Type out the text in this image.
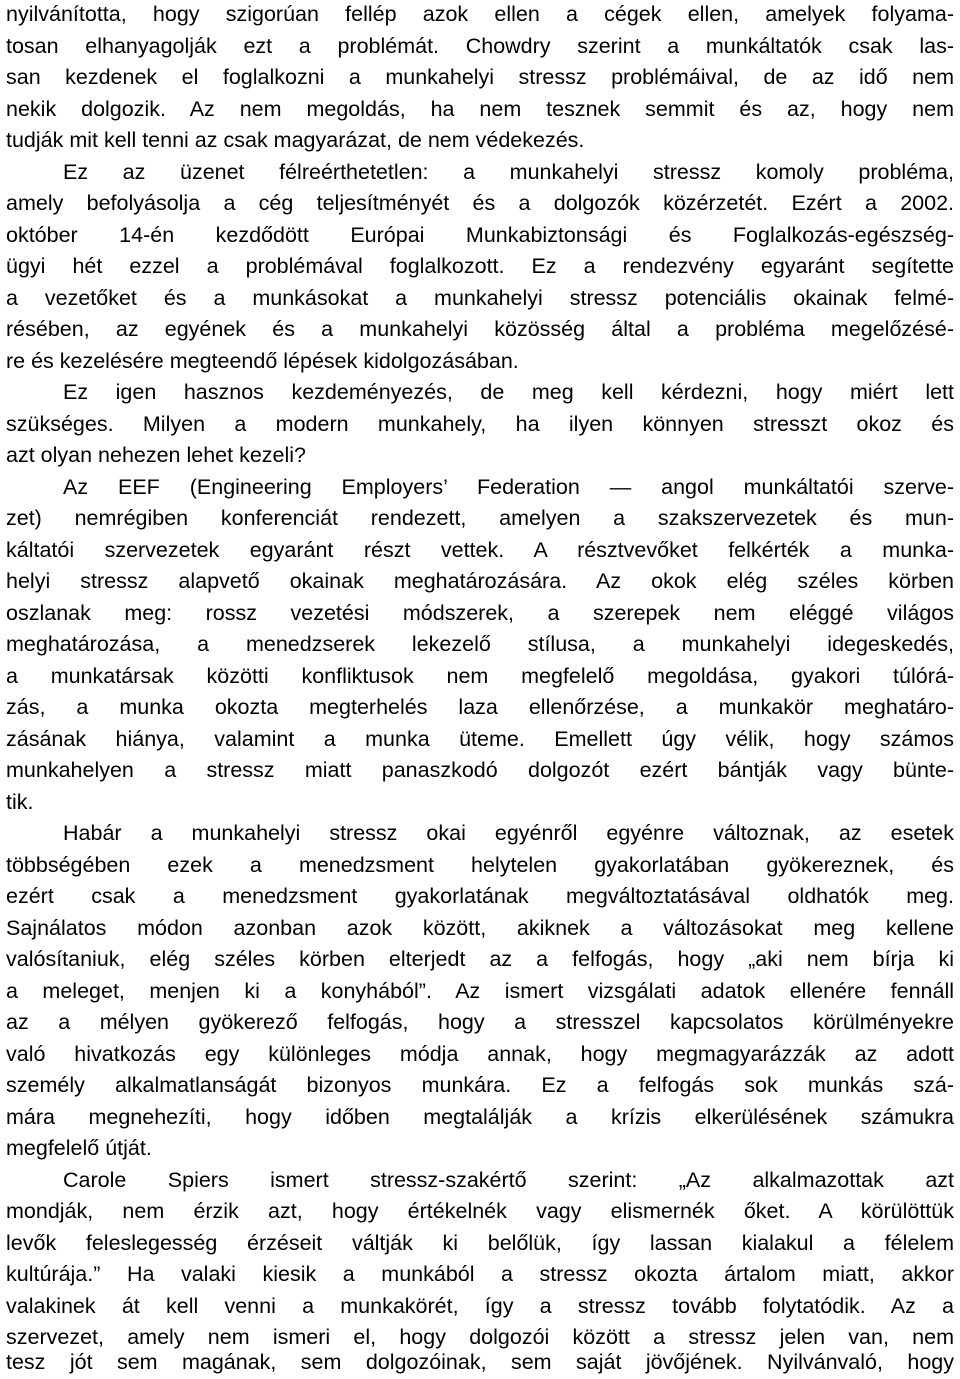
nyilvánította, hogy szigorúan fellép azok ellen a cégek ellen, amelyek folyama-
tosan elhanyagolják ezt a problémát. Chowdry szerint a munkáltatók csak las-
san kezdenek el foglalkozni a munkahelyi stressz problémáival, de az idő nem
nekik dolgozik. Az nem megoldás, ha nem tesznek semmit és az, hogy nem
tudják mit kell tenni az csak magyarázat, de nem védekezés.
Ez az üzenet félreérthetetlen: a munkahelyi stressz komoly probléma,
amely befolyásolja a cég teljesítményét és a dolgozók közérzetét. Ezért a 2002.
október 14-én kezdődött Európai Munkabiztonsági és Foglalkozás-egészség-
ügyi hét ezzel a problémával foglalkozott. Ez a rendezvény egyaránt segítette
a vezetőket és a munkásokat a munkahelyi stressz potenciális okainak felmé-
résében, az egyének és a munkahelyi közösség által a probléma megelőzésé-
re és kezelésére megteendő lépések kidolgozásában.
Ez igen hasznos kezdeményezés, de meg kell kérdezni, hogy miért lett
szükséges. Milyen a modern munkahely, ha ilyen könnyen stresszt okoz és
azt olyan nehezen lehet kezeli?
Az EEF (Engineering Employers’ Federation — angol munkáltatói szerve-
zet) nemrégiben konferenciát rendezett, amelyen a szakszervezetek és mun-
káltatói szervezetek egyaránt részt vettek. A résztvevőket felkérték a munka-
helyi stressz alapvető okainak meghatározására. Az okok elég széles körben
oszlanak meg: rossz vezetési módszerek, a szerepek nem eléggé világos
meghatározása, a menedzserek lekezelő stílusa, a munkahelyi idegeskedés,
a munkatársak közötti konfliktusok nem megfelelő megoldása, gyakori túlórá-
zás, a munka okozta megterhelés laza ellenőrzése, a munkakör meghatáro-
zásának hiánya, valamint a munka üteme. Emellett úgy vélik, hogy számos
munkahelyen a stressz miatt panaszkodó dolgozót ezért bántják vagy bünte-
tik.
Habár a munkahelyi stressz okai egyénről egyénre változnak, az esetek
többségében ezek a menedzsment helytelen gyakorlatában gyökereznek, és
ezért csak a menedzsment gyakorlatának megváltoztatásával oldhatók meg.
Sajnálatos módon azonban azok között, akiknek a változásokat meg kellene
valósítaniuk, elég széles körben elterjedt az a felfogás, hogy „aki nem bírja ki
a meleget, menjen ki a konyhából”. Az ismert vizsgálati adatok ellenére fennáll
az a mélyen gyökerező felfogás, hogy a stresszel kapcsolatos körülményekre
való hivatkozás egy különleges módja annak, hogy megmagyarázzák az adott
személy alkalmatlanságát bizonyos munkára. Ez a felfogás sok munkás szá-
mára megnehezíti, hogy időben megtalálják a krízis elkerülésének számukra
megfelelő útját.
Carole Spiers ismert stressz-szakértő szerint: „Az alkalmazottak azt
mondják, nem érzik azt, hogy értékelnék vagy elismernék őket. A körülöttük
levők feleslegesség érzéseit váltják ki belőlük, így lassan kialakul a félelem
kultúrája.” Ha valaki kiesik a munkából a stressz okozta ártalom miatt, akkor
valakinek át kell venni a munkakörét, így a stressz tovább folytatódik. Az a
szervezet, amely nem ismeri el, hogy dolgozói között a stressz jelen van, nem
tesz jót sem magának, sem dolgozóinak, sem saját jövőjének. Nyilvánvaló, hogy
